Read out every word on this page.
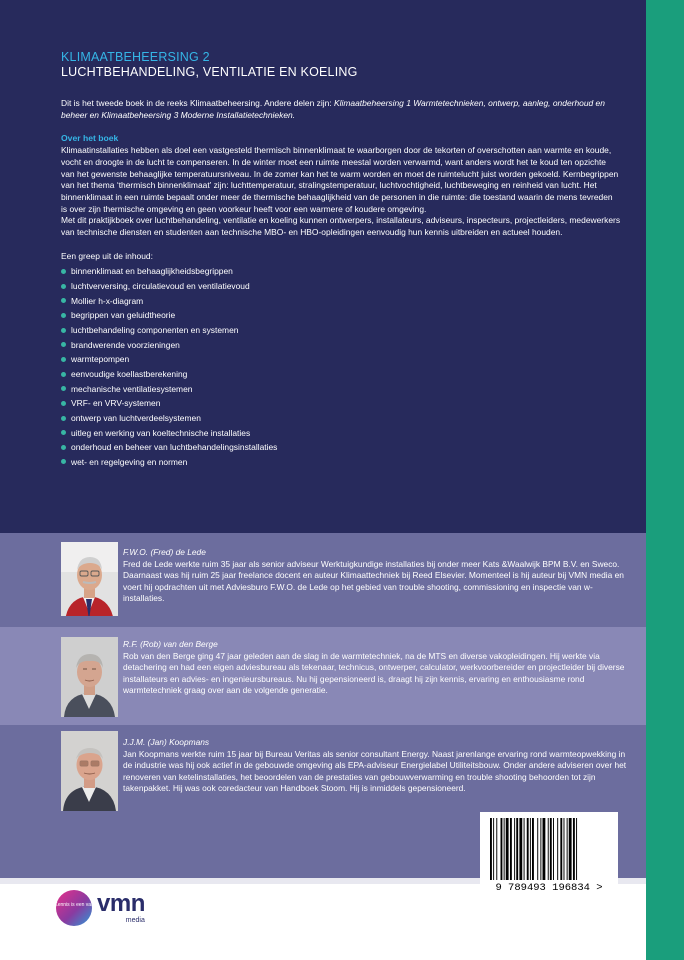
KLIMAATBEHEERSING 2
LUCHTBEHANDELING, VENTILATIE EN KOELING

Dit is het tweede boek in de reeks Klimaatbeheersing. Andere delen zijn: Klimaatbeheersing 1 Warmtetechnieken, ontwerp, aanleg, onderhoud en beheer en Klimaatbeheersing 3 Moderne Installatietechnieken.

Over het boek

Klimaatinstallaties hebben als doel een vastgesteld thermisch binnenklimaat te waarborgen door de tekorten of overschotten aan warmte en koude, vocht en droogte in de lucht te compenseren. In de winter moet een ruimte meestal worden verwarmd, want anders wordt het te koud ten opzichte van het gewenste behaaglijke temperatuursniveau. In de zomer kan het te warm worden en moet de ruimtelucht juist worden gekoeld. Kernbegrippen van het thema ‘thermisch binnenklimaat’ zijn: luchttemperatuur, stralingstemperatuur, luchtvochtigheid, luchtbeweging en reinheid van lucht. Het binnenklimaat in een ruimte bepaalt onder meer de thermische behaaglijkheid van de personen in die ruimte: die toestand waarin de mens tevreden is over zijn thermische omgeving en geen voorkeur heeft voor een warmere of koudere omgeving.

Met dit praktijkboek over luchtbehandeling, ventilatie en koeling kunnen ontwerpers, installateurs, adviseurs, inspecteurs, projectleiders, medewerkers van technische diensten en studenten aan technische MBO- en HBO-opleidingen eenvoudig hun kennis uitbreiden en actueel houden.

Een greep uit de inhoud:

binnenklimaat en behaaglijkheidsbegrippen
luchtverversing, circulatievoud en ventilatievoud
Mollier h-x-diagram
begrippen van geluidtheorie
luchtbehandeling componenten en systemen
brandwerende voorzieningen
warmtepompen
eenvoudige koellastberekening
mechanische ventilatiesystemen
VRF- en VRV-systemen
ontwerp van luchtverdeelsystemen
uitleg en werking van koeltechnische installaties
onderhoud en beheer van luchtbehandelingsinstallaties
wet- en regelgeving en normen
F.W.O. (Fred) de Lede
Fred de Lede werkte ruim 35 jaar als senior adviseur Werktuigkundige installaties bij onder meer Kats &Waalwijk BPM B.V. en Sweco. Daarnaast was hij ruim 25 jaar freelance docent en auteur Klimaattechniek bij Reed Elsevier. Momenteel is hij auteur bij VMN media en voert hij opdrachten uit met Adviesburo F.W.O. de Lede op het gebied van trouble shooting, commissioning en inspectie van w-installaties.
R.F. (Rob) van den Berge
Rob van den Berge ging 47 jaar geleden aan de slag in de warmtetechniek, na de MTS en diverse vakopleidingen. Hij werkte via detachering en had een eigen adviesbureau als tekenaar, technicus, ontwerper, calculator, werkvoorbereider en projectleider bij diverse installateurs en advies- en ingenieursbureaus. Nu hij gepensioneerd is, draagt hij zijn kennis, ervaring en enthousiasme rond warmtetechniek graag over aan de volgende generatie.
J.J.M. (Jan) Koopmans
Jan Koopmans werkte ruim 15 jaar bij Bureau Veritas als senior consultant Energy. Naast jarenlange ervaring rond warmteopwekking in de industrie was hij ook actief in de gebouwde omgeving als EPA-adviseur Energielabel Utiliteitsbouw. Onder andere adviseren over het renoveren van ketelinstallaties, het beoordelen van de prestaties van gebouwverwarming en trouble shooting behoorden tot zijn takenpakket. Hij was ook coredacteur van Handboek Stoom. Hij is inmiddels gepensioneerd.
Kennis is een vak vmn
media
9 789493 196834 >
